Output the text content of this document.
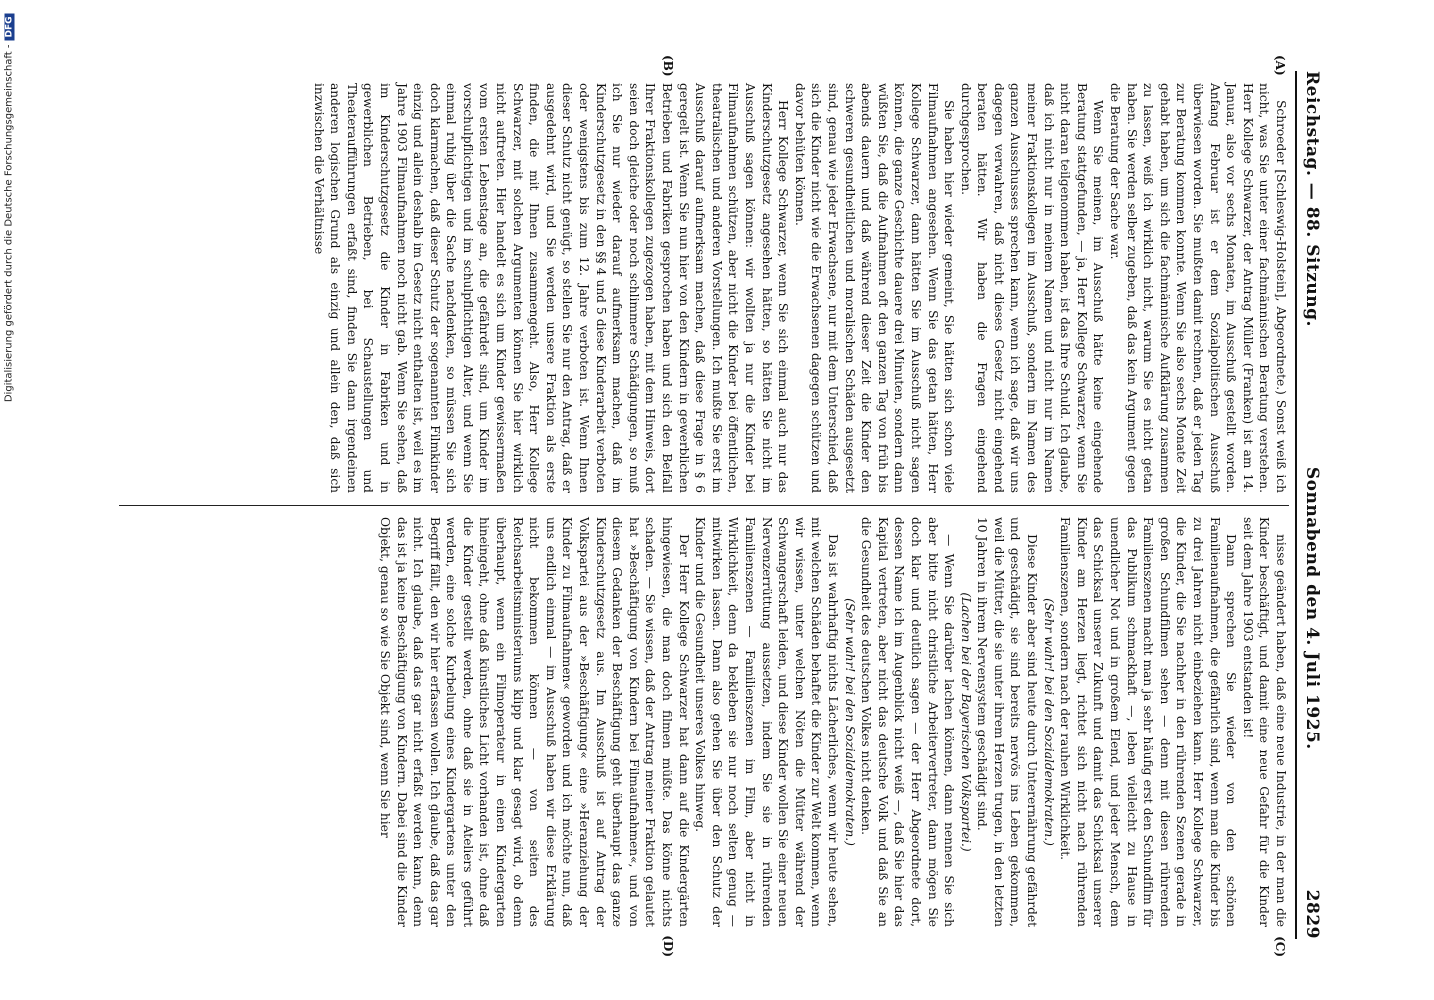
Reichstag. — 88. Sitzung.
Sonnabend den 4. Juli 1925.
2829

Schroeder [Schleswig-Holstein], Abgeordnete.) Sonst weiß ich nicht, was Sie unter einer fachmännischen Beratung verstehen. Herr Kollege Schwarzer, der Antrag Müller (Franken) ist am 14. Januar, also vor sechs Monaten, im Ausschuß gestellt worden. Anfang Februar ist er dem Sozialpolitischen Ausschuß überwiesen worden. Sie mußten damit rechnen, daß er jeden Tag zur Beratung kommen konnte. Wenn Sie also sechs Monate Zeit gehabt haben, um sich die fachmännische Aufklärung zusammen zu lassen, weiß ich wirklich nicht, warum Sie es nicht getan haben. Sie werden selber zugeben, daß das kein Argument gegen die Beratung der Sache war.

Wenn Sie meinen, im Ausschuß hätte keine eingehende Beratung stattgefunden, — ja, Herr Kollege Schwarzer, wenn Sie nicht daran teilgenommen haben, ist das Ihre Schuld. Ich glaube, daß ich nicht nur in meinem Namen und nicht nur im Namen meiner Fraktionskollegen im Ausschuß, sondern im Namen des ganzen Ausschusses sprechen kann, wenn ich sage, daß wir uns dagegen verwahren, daß nicht dieses Gesetz nicht eingehend beraten hätten. Wir haben die Fragen eingehend durchgesprochen.

Sie haben hier wieder gemeint, Sie hätten sich schon viele Filmaufnahmen angesehen. Wenn Sie das getan hätten, Herr Kollege Schwarzer, dann hätten Sie im Ausschuß nicht sagen können, die ganze Geschichte dauere drei Minuten, sondern dann wüßten Sie, daß die Aufnahmen oft den ganzen Tag von früh bis abends dauern und daß während dieser Zeit die Kinder den schweren gesundheitlichen und moralischen Schäden ausgesetzt sind, genau wie jeder Erwachsene, nur mit dem Unterschied, daß sich die Kinder nicht wie die Erwachsenen dagegen schützen und davor behüten können.

Herr Kollege Schwarzer, wenn Sie sich einmal auch nur das Kinderschutzgesetz angesehen hätten, so hätten Sie nicht im Ausschuß sagen können: wir wollten ja nur die Kinder bei Filmaufnahmen schützen, aber nicht die Kinder bei öffentlichen, theatralischen und anderen Vorstellungen. Ich mußte Sie erst im Ausschuß darauf aufmerksam machen, daß diese Frage in § 6 geregelt ist. Wenn Sie nun hier von den Kindern in gewerblichen Betrieben und Fabriken gesprochen haben und sich den Beifall Ihrer Fraktionskollegen zugezogen haben, mit dem Hinweis, dort seien doch gleiche oder noch schlimmere Schädigungen, so muß ich Sie nur wieder darauf aufmerksam machen, daß im Kinderschutzgesetz in den §§ 4 und 5 diese Kinderarbeit verboten oder wenigstens bis zum 12. Jahre verboten ist. Wenn Ihnen dieser Schutz nicht genügt, so stellen Sie nur den Antrag, daß er ausgedehnt wird, und Sie werden unsere Fraktion als erste finden, die mit Ihnen zusammengeht. Also, Herr Kollege Schwarzer, mit solchen Argumenten können Sie hier wirklich nicht auftreten. Hier handelt es sich um Kinder gewissermaßen vom ersten Lebenstage an, die gefährdet sind, um Kinder im vorschulpflichtigen und im schulpflichtigen Alter, und wenn Sie einmal ruhig über die Sache nachdenken, so müssen Sie sich doch klarmachen, daß dieser Schutz der sogenannten Filmkinder einzig und allein deshalb im Gesetz nicht enthalten ist, weil es im Jahre 1903 Filmaufnahmen noch nicht gab. Wenn Sie sehen, daß im Kinderschutzgesetz die Kinder in Fabriken und in gewerblichen Betrieben, bei Schaustellungen und Theateraufführungen erfaßt sind, finden Sie dann irgendeinen anderen logischen Grund als einzig und allein den, daß sich inzwischen die Verhältnisse

nisse geändert haben, daß eine neue Industrie, in der man die Kinder beschäftigt, und damit eine neue Gefahr für die Kinder seit dem Jahre 1903 entstanden ist!

Dann sprechen Sie wieder von den schönen Familienaufnahmen, die gefährlich sind, wenn man die Kinder bis zu drei Jahren nicht einbeziehen kann. Herr Kollege Schwarzer, die Kinder, die Sie nachher in den rührenden Szenen gerade in großen Schundfilmen sehen — denn mit diesen rührenden Familienszenen macht man ja sehr häufig erst den Schundfilm für das Publikum schmackhaft —, leben vielleicht zu Hause in unendlicher Not und in großem Elend, und jeder Mensch, dem das Schicksal unserer Zukunft und damit das Schicksal unserer Kinder am Herzen liegt, richtet sich nicht nach rührenden Familienszenen, sondern nach der rauhen Wirklichkeit.

(Sehr wahr! bei den Sozialdemokraten.)

Diese Kinder aber sind heute durch Unterernährung gefährdet und geschädigt, sie sind bereits nervös ins Leben gekommen, weil die Mütter, die sie unter ihrem Herzen trugen, in den letzten 10 Jahren in ihrem Nervensystem geschädigt sind.

(Lachen bei der Bayerischen Volkspartei.)

— Wenn Sie darüber lachen können, dann nennen Sie sich aber bitte nicht christliche Arbeitervertreter, dann mögen Sie doch klar und deutlich sagen — der Herr Abgeordnete dort, dessen Name ich im Augenblick nicht weiß —, daß Sie hier das Kapital vertreten, aber nicht das deutsche Volk und daß Sie an die Gesundheit des deutschen Volkes nicht denken.

(Sehr wahr! bei den Sozialdemokraten.)

Das ist wahrhaftig nichts Lächerliches, wenn wir heute sehen, mit welchen Schäden behaftet die Kinder zur Welt kommen, wenn wir wissen, unter welchen Nöten die Mütter während der Schwangerschaft leiden, und diese Kinder wollen Sie einer neuen Nervenzerrüttung aussetzen, indem Sie sie in rührenden Familienszenen — Familienszenen im Film, aber nicht in Wirklichkeit, denn da bekleben sie nur noch selten genug — mitwirken lassen. Dann also gehen Sie über den Schutz der Kinder und die Gesundheit unseres Volkes hinweg.

Der Herr Kollege Schwarzer hat dann auf die Kindergärten hingewiesen, die man doch filmen müßte. Das könne nichts schaden. — Sie wissen, daß der Antrag meiner Fraktion gelautet hat »Beschäftigung von Kindern bei Filmaufnahmen«, und von diesem Gedanken der Beschäftigung geht überhaupt das ganze Kinderschutzgesetz aus. Im Ausschuß ist auf Antrag der Volkspartei aus der »Beschäftigung« eine »Heranziehung der Kinder zu Filmaufnahmen« geworden und ich möchte nun, daß uns endlich einmal — im Ausschuß haben wir diese Erklärung nicht bekommen können — von seiten des Reichsarbeitsministeriums klipp und klar gesagt wird, ob denn überhaupt, wenn ein Filmoperateur in einen Kindergarten hineingeht, ohne daß künstliches Licht vorhanden ist, ohne daß die Kinder gestellt werden, ohne daß sie in Ateliers geführt werden, eine solche Kurbelung eines Kindergartens unter den Begriff fällt, den wir hier erfassen wollen. Ich glaube, daß das gar nicht. Ich glaube, daß das gar nicht erfaßt werden kann, denn das ist ja keine Beschäftigung von Kindern. Dabei sind die Kinder Objekt, genau so wie Sie Objekt sind, wenn Sie hier

(A)
(B)
(C)
(D)
Digitalisierung gefördert durch die Deutsche Forschungsgemeinschaft -DFG
